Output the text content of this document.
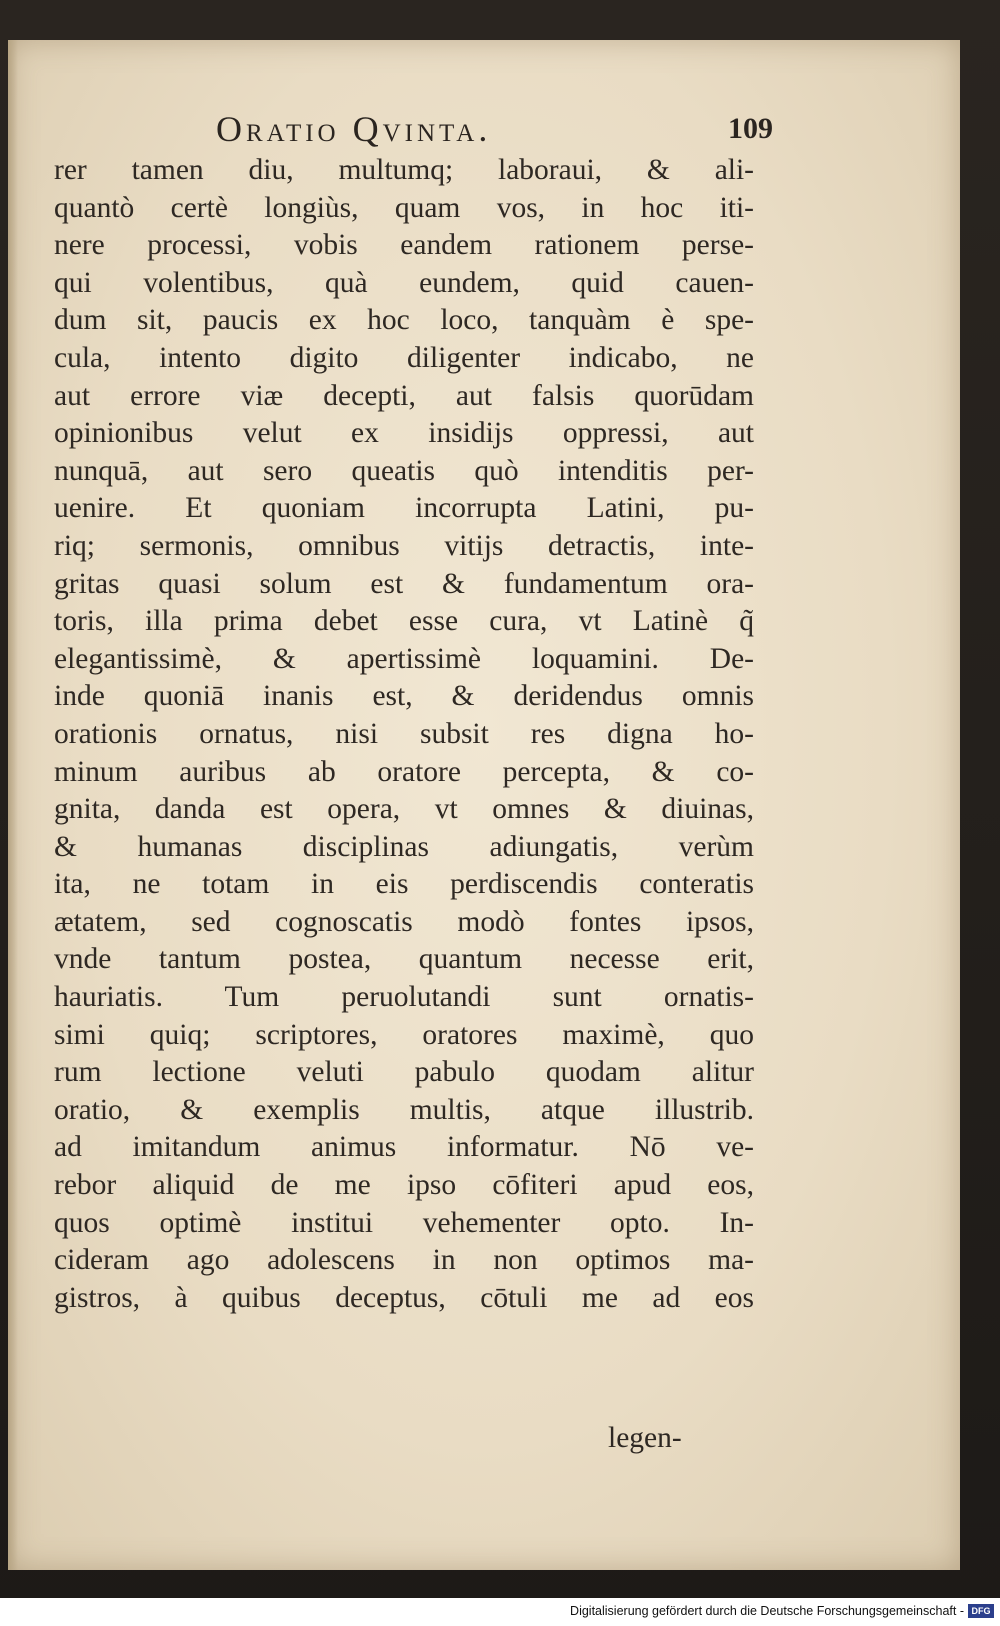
Oratio Qvinta.	109
rer tamen diu, multumq; laboraui, & ali-
quantò certè longiùs, quam vos, in hoc iti-
nere processi, vobis eandem rationem perse-
qui volentibus, quà eundem, quid cauen-
dum sit, paucis ex hoc loco, tanquàm è spe-
cula, intento digito diligenter indicabo, ne
aut errore viæ decepti, aut falsis quorūdam
opinionibus velut ex insidijs oppressi, aut
nunquā, aut sero queatis quò intenditis per-
uenire. Et quoniam incorrupta Latini, pu-
riq; sermonis, omnibus vitijs detractis, inte-
gritas quasi solum est & fundamentum ora-
toris, illa prima debet esse cura, vt Latinè q̃
elegantissimè, & apertissimè loquamini. De-
inde quoniā inanis est, & deridendus omnis
orationis ornatus, nisi subsit res digna ho-
minum auribus ab oratore percepta, & co-
gnita, danda est opera, vt omnes & diuinas,
& humanas disciplinas adiungatis, verùm
ita, ne totam in eis perdiscendis conteratis
ætatem, sed cognoscatis modò fontes ipsos,
vnde tantum postea, quantum necesse erit,
hauriatis. Tum peruolutandi sunt ornatis-
simi quiq; scriptores, oratores maximè, quo
rum lectione veluti pabulo quodam alitur
oratio, & exemplis multis, atque illustrib.
ad imitandum animus informatur. Nō ve-
rebor aliquid de me ipso cōfiteri apud eos,
quos optimè institui vehementer opto. In-
cideram ago adolescens in non optimos ma-
gistros, à quibus deceptus, cōtuli me ad eos
legen-
Digitalisierung gefördert durch die Deutsche Forschungsgemeinschaft - DFG
